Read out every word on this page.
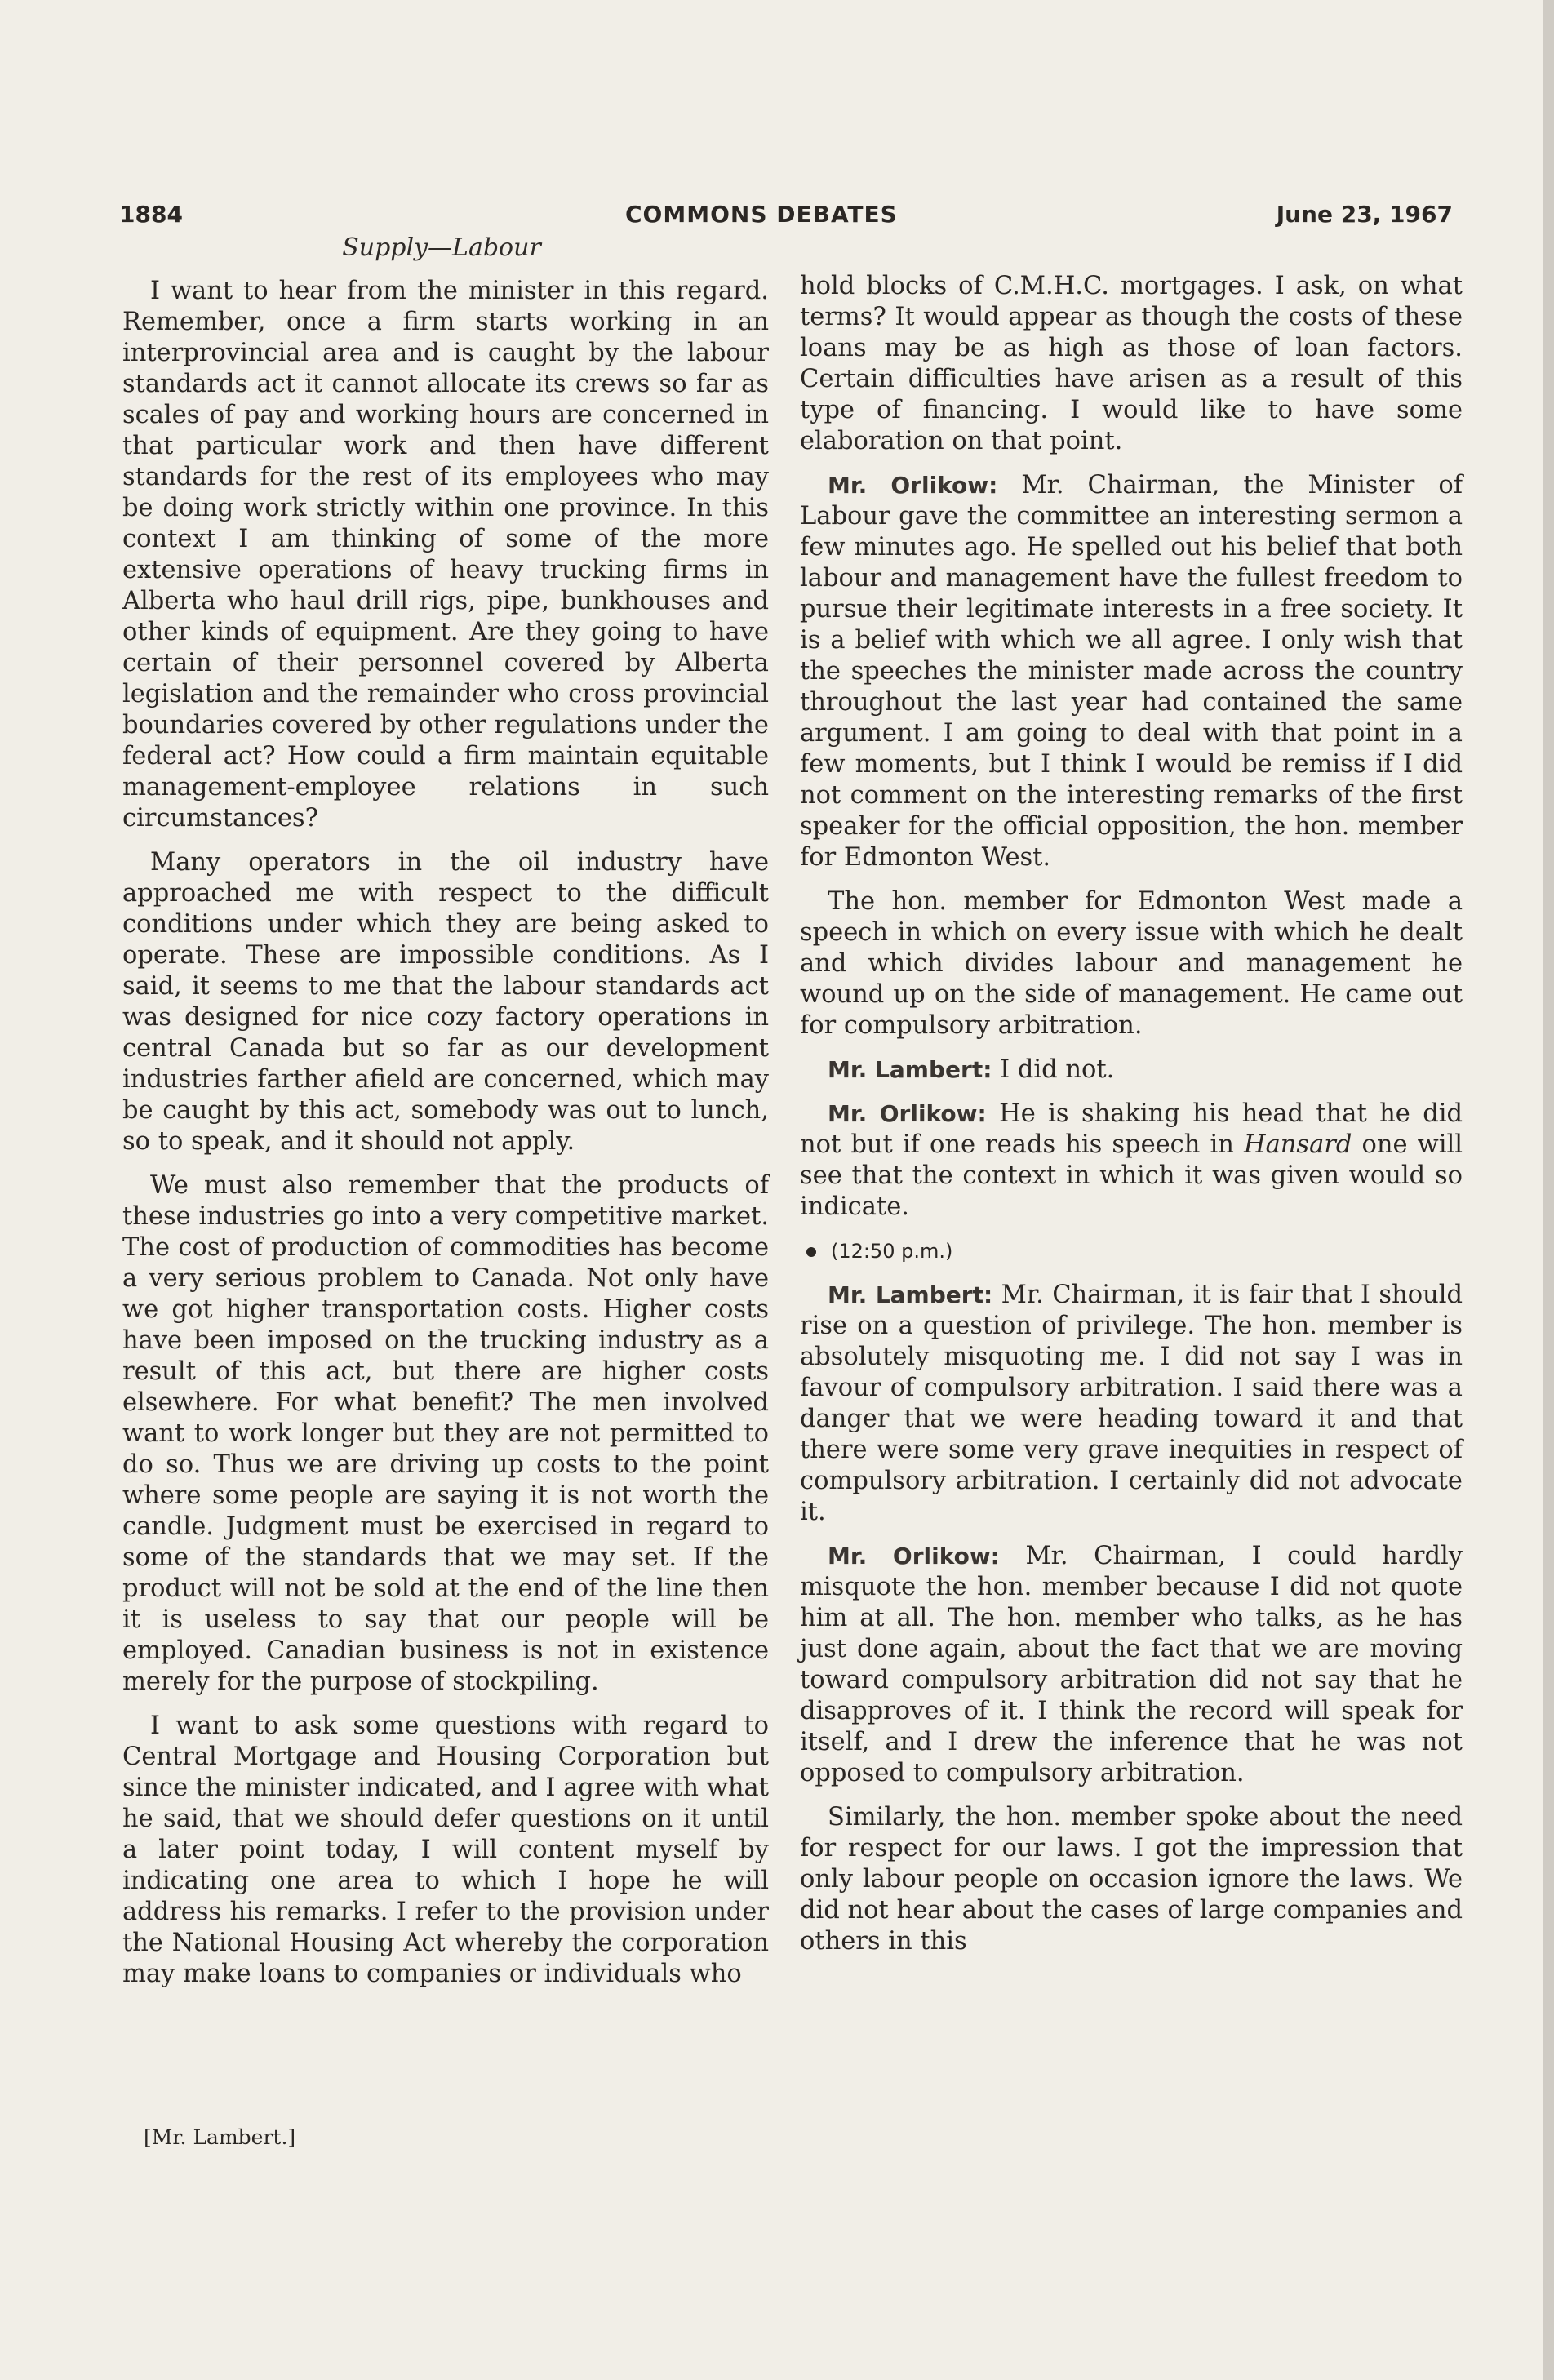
1884	COMMONS DEBATES	June 23, 1967
Supply—Labour

I want to hear from the minister in this regard. Remember, once a firm starts working in an interprovincial area and is caught by the labour standards act it cannot allocate its crews so far as scales of pay and working hours are concerned in that particular work and then have different standards for the rest of its employees who may be doing work strictly within one province. In this context I am thinking of some of the more extensive operations of heavy trucking firms in Alberta who haul drill rigs, pipe, bunkhouses and other kinds of equipment. Are they going to have certain of their personnel covered by Alberta legislation and the remainder who cross provincial boundaries covered by other regulations under the federal act? How could a firm maintain equitable management-employee relations in such circumstances?

Many operators in the oil industry have approached me with respect to the difficult conditions under which they are being asked to operate. These are impossible conditions. As I said, it seems to me that the labour standards act was designed for nice cozy factory operations in central Canada but so far as our development industries farther afield are concerned, which may be caught by this act, somebody was out to lunch, so to speak, and it should not apply.

We must also remember that the products of these industries go into a very competitive market. The cost of production of commodities has become a very serious problem to Canada. Not only have we got higher transportation costs. Higher costs have been imposed on the trucking industry as a result of this act, but there are higher costs elsewhere. For what benefit? The men involved want to work longer but they are not permitted to do so. Thus we are driving up costs to the point where some people are saying it is not worth the candle. Judgment must be exercised in regard to some of the standards that we may set. If the product will not be sold at the end of the line then it is useless to say that our people will be employed. Canadian business is not in existence merely for the purpose of stockpiling.

I want to ask some questions with regard to Central Mortgage and Housing Corporation but since the minister indicated, and I agree with what he said, that we should defer questions on it until a later point today, I will content myself by indicating one area to which I hope he will address his remarks. I refer to the provision under the National Housing Act whereby the corporation may make loans to companies or individuals who

[Mr. Lambert.]

hold blocks of C.M.H.C. mortgages. I ask, on what terms? It would appear as though the costs of these loans may be as high as those of loan factors. Certain difficulties have arisen as a result of this type of financing. I would like to have some elaboration on that point.

Mr. Orlikow: Mr. Chairman, the Minister of Labour gave the committee an interesting sermon a few minutes ago. He spelled out his belief that both labour and management have the fullest freedom to pursue their legitimate interests in a free society. It is a belief with which we all agree. I only wish that the speeches the minister made across the country throughout the last year had contained the same argument. I am going to deal with that point in a few moments, but I think I would be remiss if I did not comment on the interesting remarks of the first speaker for the official opposition, the hon. member for Edmonton West.

The hon. member for Edmonton West made a speech in which on every issue with which he dealt and which divides labour and management he wound up on the side of management. He came out for compulsory arbitration.

Mr. Lambert: I did not.

Mr. Orlikow: He is shaking his head that he did not but if one reads his speech in Hansard one will see that the context in which it was given would so indicate.

(12:50 p.m.)

Mr. Lambert: Mr. Chairman, it is fair that I should rise on a question of privilege. The hon. member is absolutely misquoting me. I did not say I was in favour of compulsory arbitration. I said there was a danger that we were heading toward it and that there were some very grave inequities in respect of compulsory arbitration. I certainly did not advocate it.

Mr. Orlikow: Mr. Chairman, I could hardly misquote the hon. member because I did not quote him at all. The hon. member who talks, as he has just done again, about the fact that we are moving toward compulsory arbitration did not say that he disapproves of it. I think the record will speak for itself, and I drew the inference that he was not opposed to compulsory arbitration.

Similarly, the hon. member spoke about the need for respect for our laws. I got the impression that only labour people on occasion ignore the laws. We did not hear about the cases of large companies and others in this
